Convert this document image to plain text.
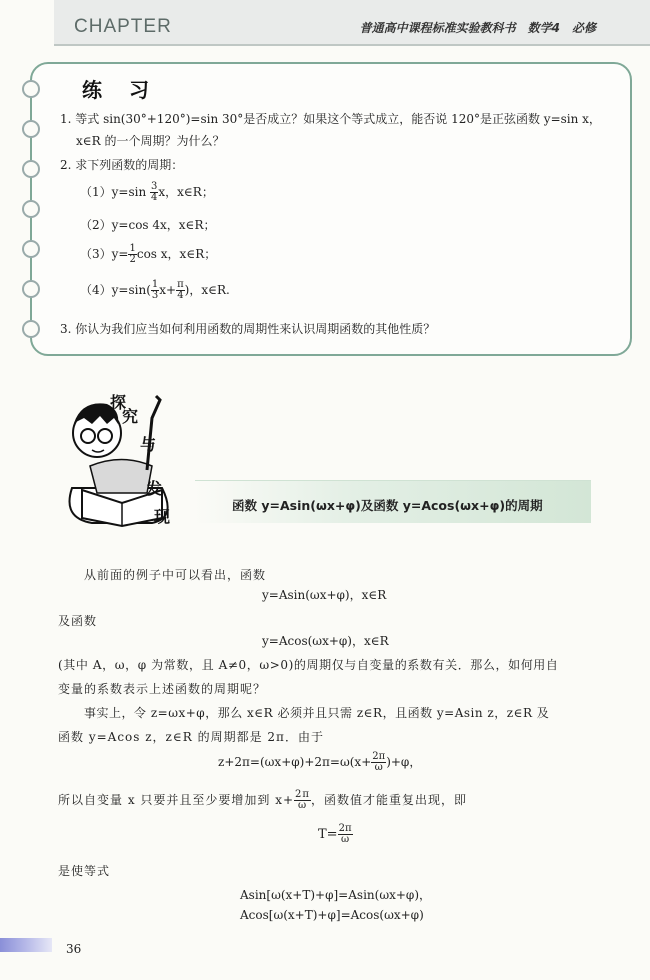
CHAPTER	普通高中课程标准实验教科书　数学4　必修
练 习
1. 等式 sin(30°+120°)=sin 30°是否成立？如果这个等式成立，能否说 120°是正弦函数 y=sin x，
x∈R 的一个周期？为什么？
2. 求下列函数的周期：
$(1)y=\sin \frac{3}{4}$ x，x∈R；
（2）y=cos 4x，x∈R；
$(3)y= \frac{1}{2}$ cos x，x∈R；
$(4)y=\sin( \frac{1}{3} x+ \frac{\pi}{4}$ )，x∈R.
3. 你认为我们应当如何利用函数的周期性来认识周期函数的其他性质？
探
究
与
发
现
函数 y=Asin(ωx+φ)及函数 y=Acos(ωx+φ)的周期
从前面的例子中可以看出，函数
y=Asin(ωx+φ)，x∈R
及函数
y=Acos(ωx+φ)，x∈R
(其中 A，ω，φ 为常数，且 A≠0，ω>0)的周期仅与自变量的系数有关．那么，如何用自
变量的系数表示上述函数的周期呢？
事实上，令 z=ωx+φ，那么 x∈R 必须并且只需 z∈R，且函数 y=Asin z，z∈R 及
函数 y=Acos z，z∈R 的周期都是 2π．由于
$z+2\pi=(\omega x+\varphi)+2\pi=\omega(x+ \frac{2\pi}{\omega} )+\varphi$，
所以自变量 x 只要并且至少要增加到 $x+ \frac{2\pi}{\omega}$ ，函数值才能重复出现，即
$T= \frac{2\pi}{\omega}$
是使等式
Asin[ω(x+T)+φ]=Asin(ωx+φ)，
Acos[ω(x+T)+φ]=Acos(ωx+φ)
36
